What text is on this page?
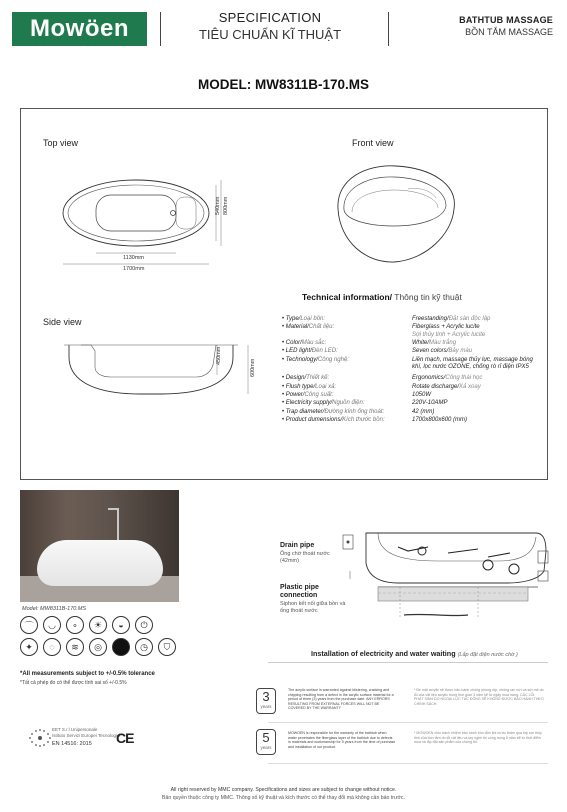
Mowöen	SPECIFICATION
TIÊU CHUẨN KĨ THUẬT
BATHTUB MASSAGE
BỒN TẮM MASSAGE
MODEL: MW8311B-170.MS
Top view	Front view
Side view
540mm 800mm
1130mm
1700mm
450mm
600mm
Technical information/ Thông tin kỹ thuật
• Type/Loại bồn:	Freestanding/Đặt sàn độc lập
• Material/Chất liệu:	Fiberglass + Acrylic lucite
Sợi thủy tinh + Acrylic lucite
• Color/Màu sắc:	White/Màu trắng
• LED light/Đèn LED:	Seven colors/Bảy màu
• Technology/Công nghệ:	Liền mạch, massage thủy lực, massage bóng khí, lọc nước OZONE, chống rò rỉ điện IPX5
• Design/Thiết kế:	Ergonomics/Công thái học
• Flush type/Loại xả:	Rotate discharge/Xả xoay
• Power/Công suất:	1050W
• Electricity supply/Nguồn điện:	220V-10AMP
• Trap diameter/Đường kính ống thoát:	42 (mm)
• Product dumensions/Kích thước bồn:	1700x800x600 (mm)
Model: MW8311B-170.MS
⌒	◡	∘	☀	◒	⏻
✦	◌	≋	◎	◷	⛉
Drain pipe
Ống chờ thoát nước
(42mm)
Plastic pipe
connection
Siphon kết nối giữa bồn và
ống thoát nước
Installation of electricity and water waiting (Lắp đặt điện nước chờ )
*All measurements subject to +/-0.5% tolerance
*Tất cả phép đo có thể được tính sai số +/-0.5%
EET S.r.l Unipersonale
Istituto Servizi Europei Tecnologici
EN 14516: 2015 CE
3
years
The acrylic surface is warranted against blistering, cracking and chipping resulting from a defect in the acrylic surface material for a period of three (3) years from the purchase date. ANY ERRORS RESULTING FROM EXTERNAL FORCES WILL NOT BE COVERED BY THE WARRANTY
* Bề mặt acrylic sẽ được bảo hành chống phồng rộp, chống rạn nứt và sứt mẻ do lỗi của vật liệu acrylic trong thời gian 3 năm kể từ ngày mua hàng. CÁC LỖI PHÁT SINH DO NGOẠI LỰC TÁC ĐỘNG SẼ KHÔNG ĐƯỢC BẢO HÀNH THEO CHÍNH SÁCH.
5
years
MOWOEN is responsible for the warranty of the bathtub when water penetrates the fiberglass layer of the bathtub due to defects in materials and workmanship for 5 years from the time of purchase and installation of our product.
* MOWOEN chịu trách nhiệm bảo hành bồn tắm khi nước thấm qua lớp sợi thủy tinh của bồn tắm do lỗi vật liệu và tay nghề thi công trong 5 năm kể từ thời điểm mua và lắp đặt sản phẩm của chúng tôi.
All right reserved by MMC company. Specifications and sizes are subject to change without notice.
Bản quyền thuộc công ty MMC. Thông số kỹ thuật và kích thước có thể thay đổi mà không cần báo trước.
